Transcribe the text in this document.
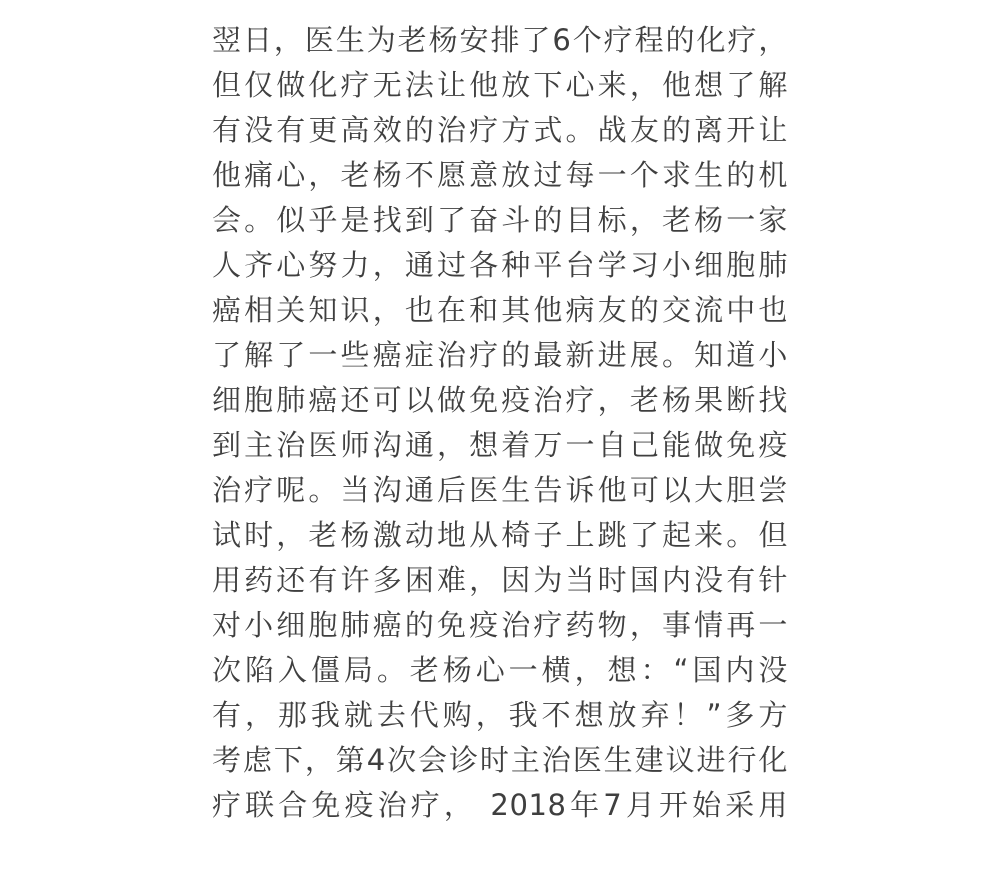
翌日，医生为老杨安排了6个疗程的化疗，
但仅做化疗无法让他放下心来，他想了解
有没有更高效的治疗方式。战友的离开让
他痛心，老杨不愿意放过每一个求生的机
会。似乎是找到了奋斗的目标，老杨一家
人齐心努力，通过各种平台学习小细胞肺
癌相关知识，也在和其他病友的交流中也
了解了一些癌症治疗的最新进展。知道小
细胞肺癌还可以做免疫治疗，老杨果断找
到主治医师沟通，想着万一自己能做免疫
治疗呢。当沟通后医生告诉他可以大胆尝
试时，老杨激动地从椅子上跳了起来。但
用药还有许多困难，因为当时国内没有针
对小细胞肺癌的免疫治疗药物，事情再一
次陷入僵局。老杨心一横，想：“国内没
有，那我就去代购，我不想放弃！”多方
考虑下，第4次会诊时主治医生建议进行化
疗联合免疫治疗， 2018年7月开始采用
